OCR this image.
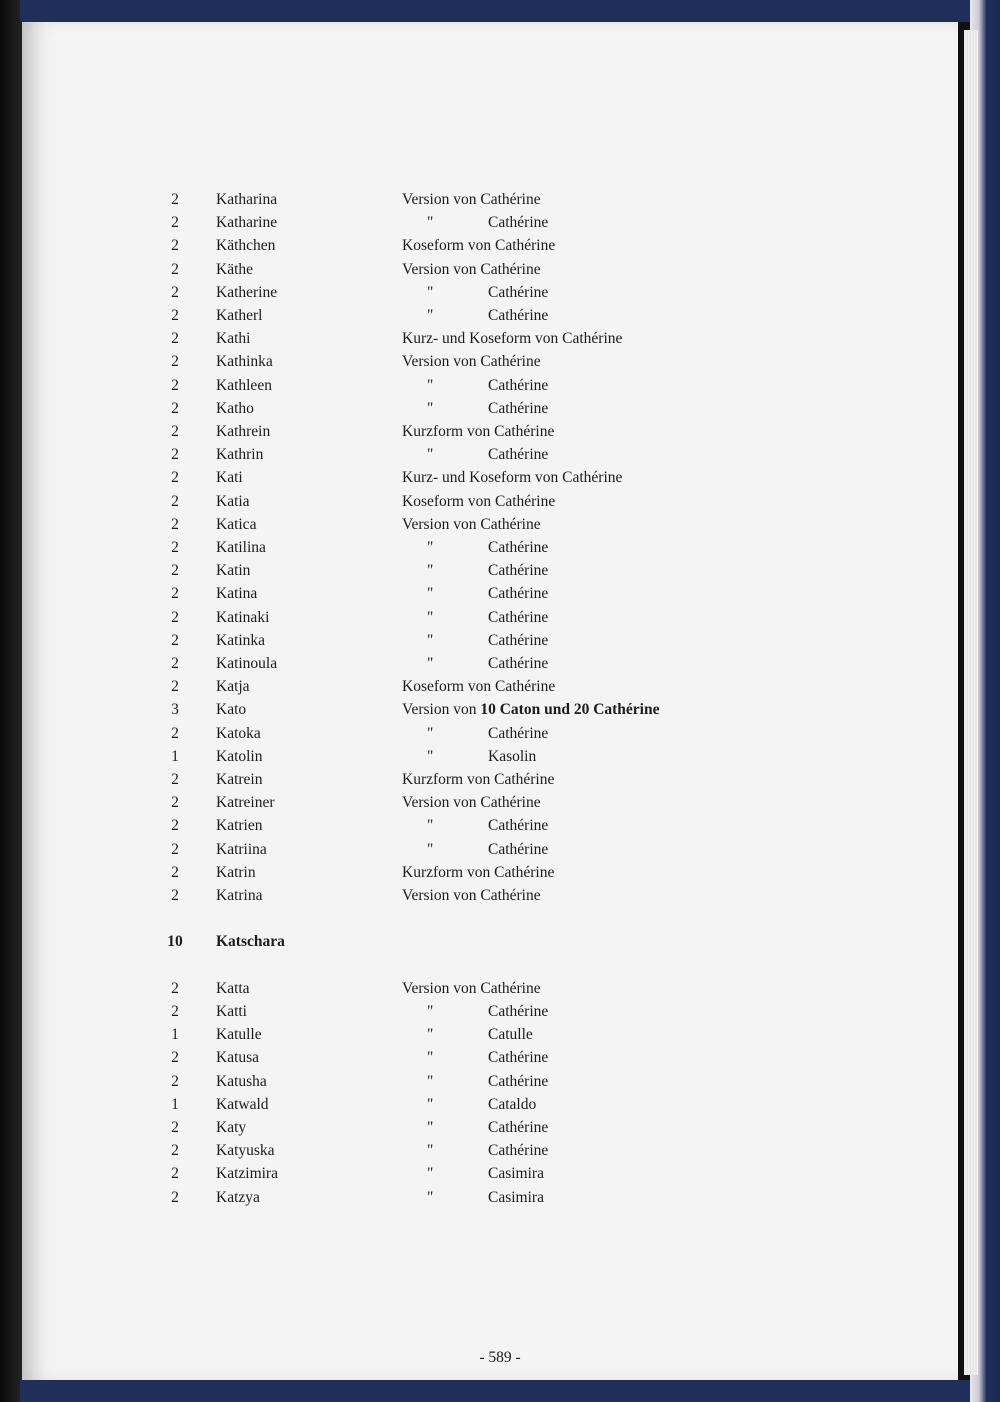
2	Katharina	Version von Cathérine
2	Katharine	"	Cathérine
2	Käthchen	Koseform von Cathérine
2	Käthe	Version von Cathérine
2	Katherine	"	Cathérine
2	Katherl	"	Cathérine
2	Kathi	Kurz- und Koseform von Cathérine
2	Kathinka	Version von Cathérine
2	Kathleen	"	Cathérine
2	Katho	"	Cathérine
2	Kathrein	Kurzform von Cathérine
2	Kathrin	"	Cathérine
2	Kati	Kurz- und Koseform von Cathérine
2	Katia	Koseform von Cathérine
2	Katica	Version von Cathérine
2	Katilina	"	Cathérine
2	Katin	"	Cathérine
2	Katina	"	Cathérine
2	Katinaki	"	Cathérine
2	Katinka	"	Cathérine
2	Katinoula	"	Cathérine
2	Katja	Koseform von Cathérine
3	Kato	Version von 10 Caton und 20 Cathérine
2	Katoka	"	Cathérine
1	Katolin	"	Kasolin
2	Katrein	Kurzform von Cathérine
2	Katreiner	Version von Cathérine
2	Katrien	"	Cathérine
2	Katriina	"	Cathérine
2	Katrin	Kurzform von Cathérine
2	Katrina	Version von Cathérine
10	Katschara
2	Katta	Version von Cathérine
2	Katti	"	Cathérine
1	Katulle	"	Catulle
2	Katusa	"	Cathérine
2	Katusha	"	Cathérine
1	Katwald	"	Cataldo
2	Katy	"	Cathérine
2	Katyuska	"	Cathérine
2	Katzimira	"	Casimira
2	Katzya	"	Casimira
- 589 -
